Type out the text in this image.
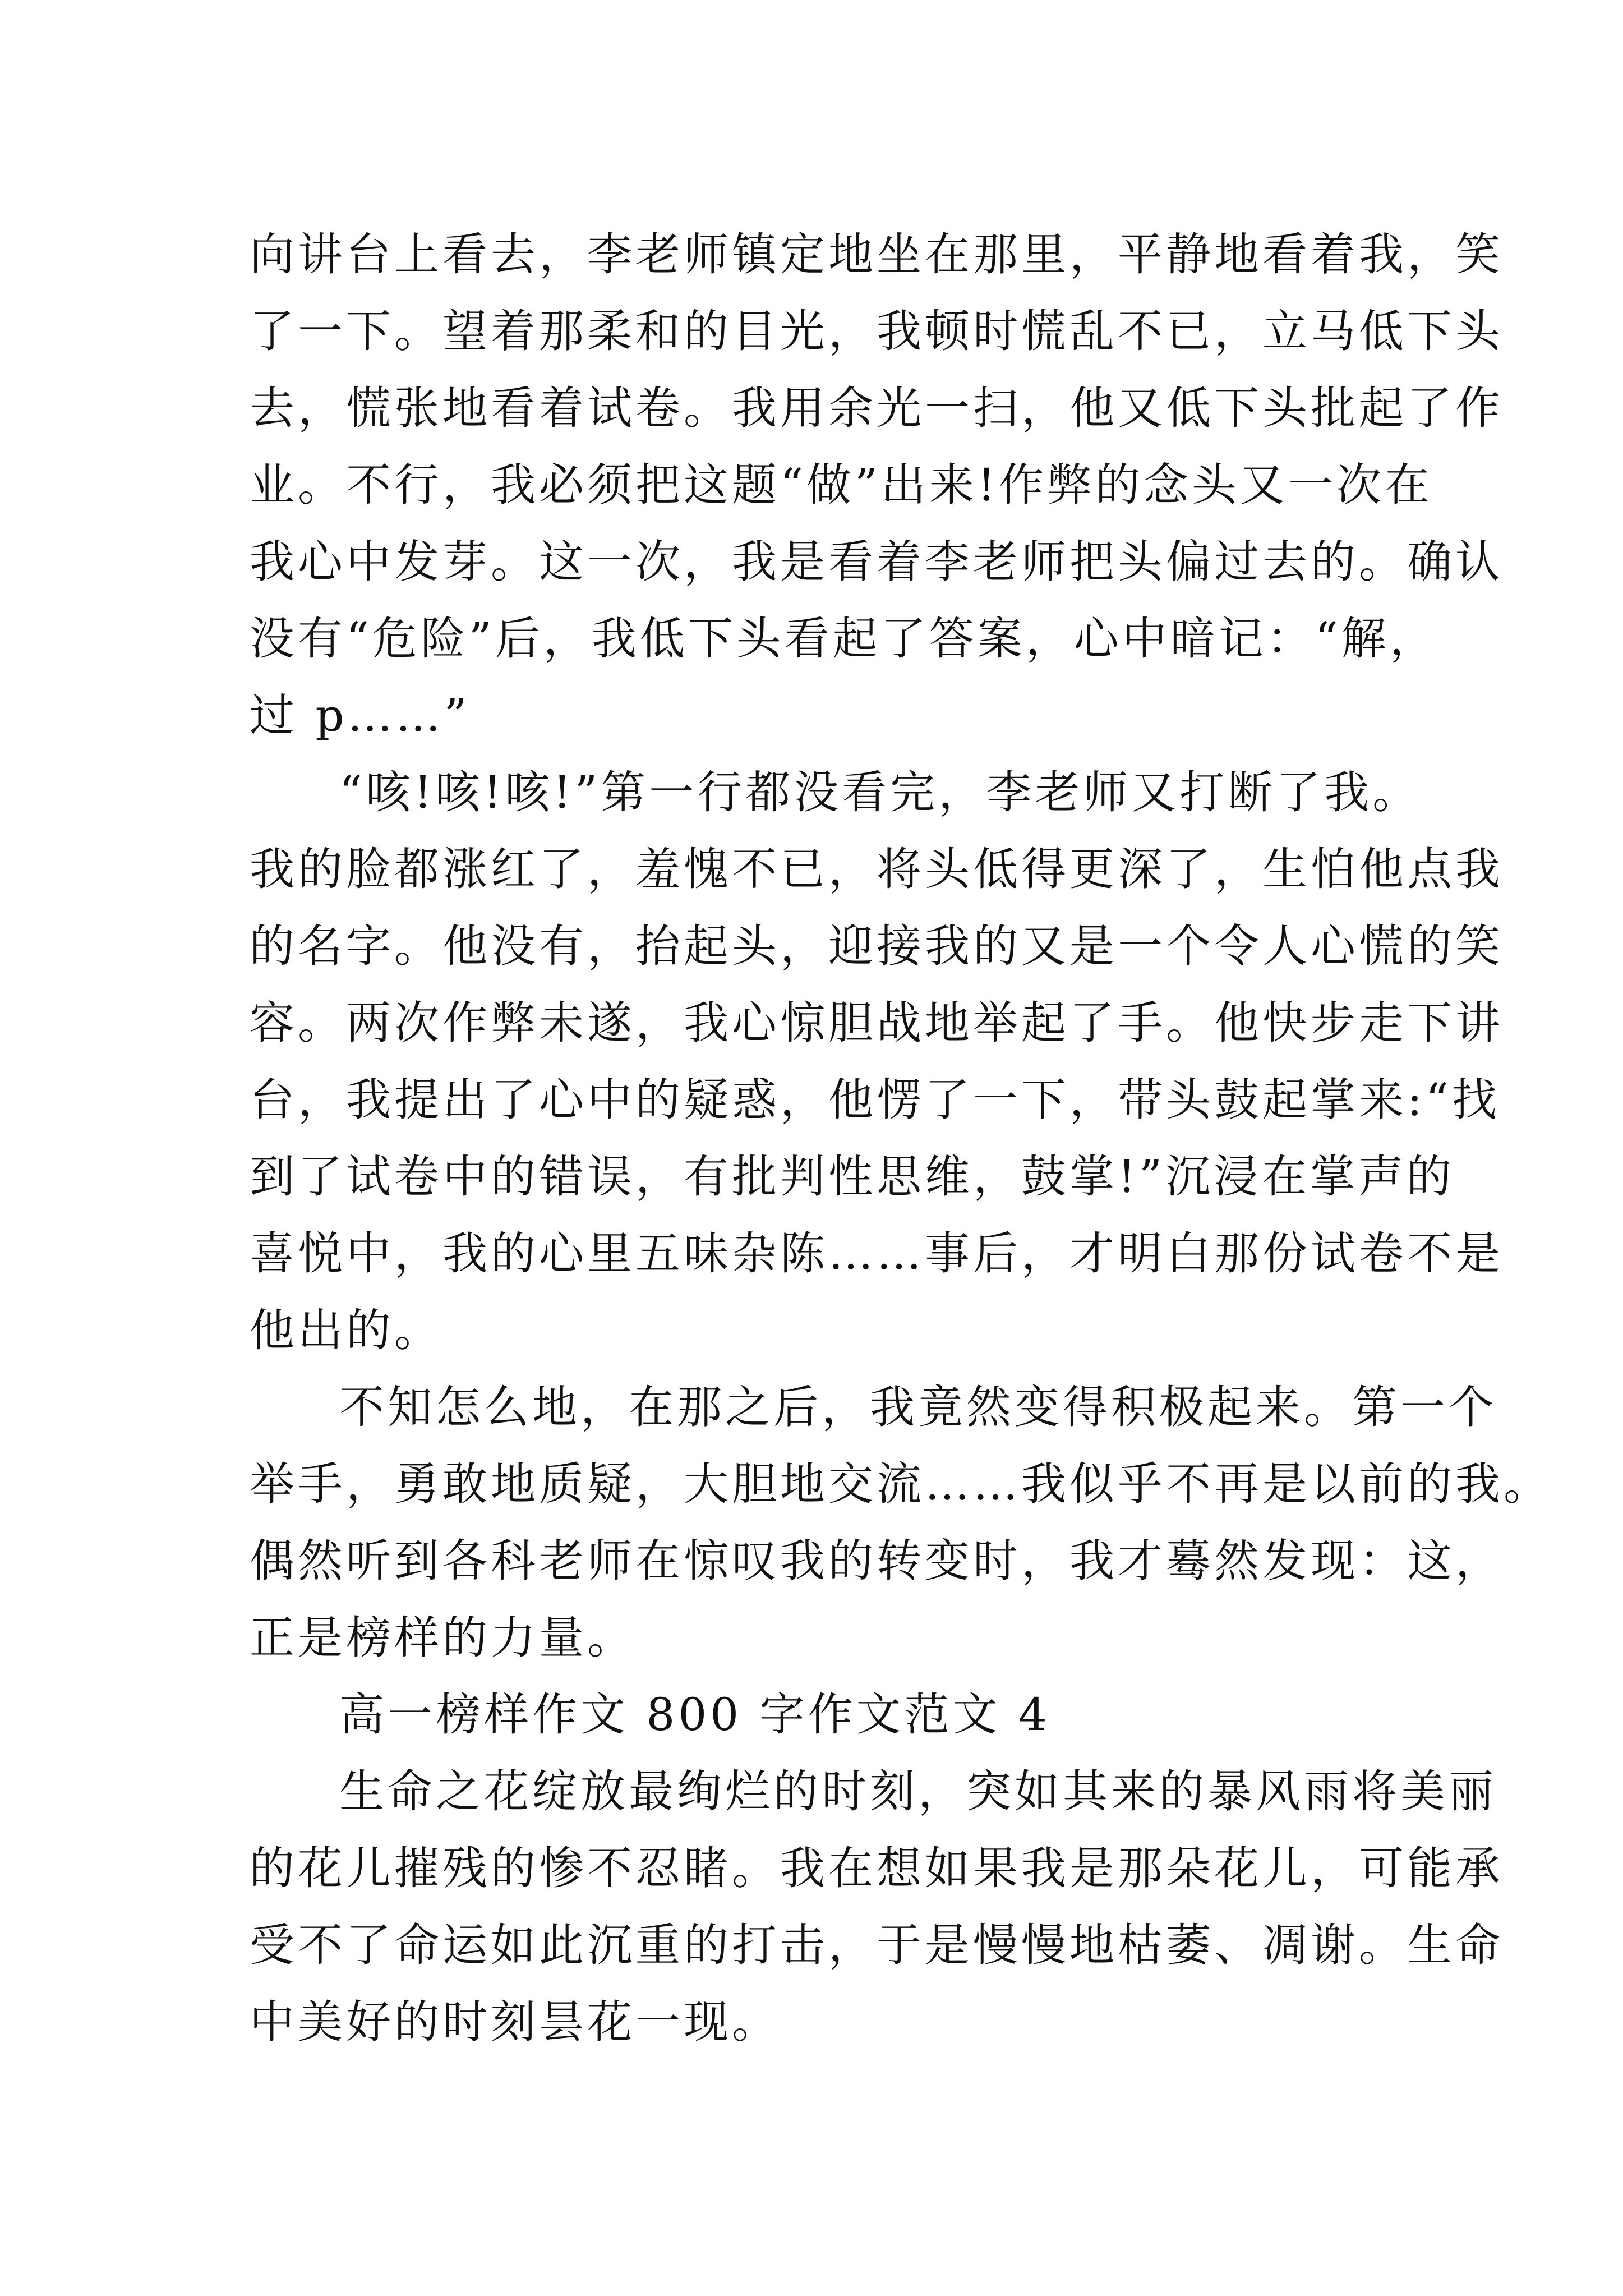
向讲台上看去，李老师镇定地坐在那里，平静地看着我，笑
了一下。望着那柔和的目光，我顿时慌乱不已，立马低下头
去，慌张地看着试卷。我用余光一扫，他又低下头批起了作
业。不行，我必须把这题“做”出来!作弊的念头又一次在
我心中发芽。这一次，我是看着李老师把头偏过去的。确认
没有“危险”后，我低下头看起了答案，心中暗记：“解，
过 p……”
“咳!咳!咳!”第一行都没看完，李老师又打断了我。
我的脸都涨红了，羞愧不已，将头低得更深了，生怕他点我
的名字。他没有，抬起头，迎接我的又是一个令人心慌的笑
容。两次作弊未遂，我心惊胆战地举起了手。他快步走下讲
台，我提出了心中的疑惑，他愣了一下，带头鼓起掌来:“找
到了试卷中的错误，有批判性思维，鼓掌!”沉浸在掌声的
喜悦中，我的心里五味杂陈……事后，才明白那份试卷不是
他出的。
不知怎么地，在那之后，我竟然变得积极起来。第一个
举手，勇敢地质疑，大胆地交流……我似乎不再是以前的我。
偶然听到各科老师在惊叹我的转变时，我才蓦然发现：这，
正是榜样的力量。
高一榜样作文 800 字作文范文 4
生命之花绽放最绚烂的时刻，突如其来的暴风雨将美丽
的花儿摧残的惨不忍睹。我在想如果我是那朵花儿，可能承
受不了命运如此沉重的打击，于是慢慢地枯萎、凋谢。生命
中美好的时刻昙花一现。
